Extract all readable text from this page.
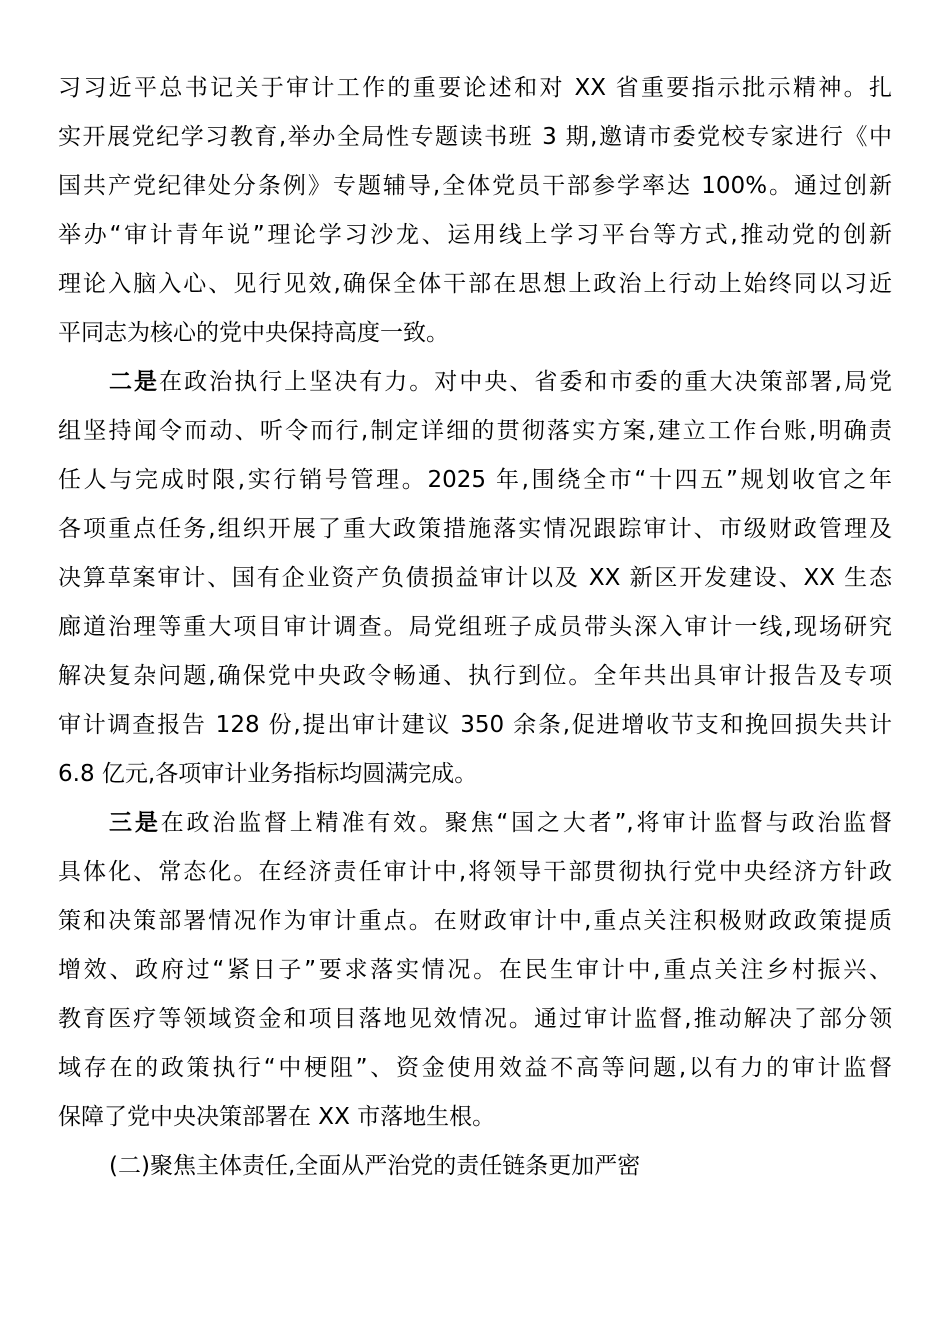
习习近平总书记关于审计工作的重要论述和对 XX 省重要指示批示精神。扎
实开展党纪学习教育,举办全局性专题读书班 3 期,邀请市委党校专家进行《中
国共产党纪律处分条例》专题辅导,全体党员干部参学率达 100%。通过创新
举办“审计青年说”理论学习沙龙、运用线上学习平台等方式,推动党的创新
理论入脑入心、见行见效,确保全体干部在思想上政治上行动上始终同以习近
平同志为核心的党中央保持高度一致。
二是在政治执行上坚决有力。对中央、省委和市委的重大决策部署,局党
组坚持闻令而动、听令而行,制定详细的贯彻落实方案,建立工作台账,明确责
任人与完成时限,实行销号管理。2025 年,围绕全市“十四五”规划收官之年
各项重点任务,组织开展了重大政策措施落实情况跟踪审计、市级财政管理及
决算草案审计、国有企业资产负债损益审计以及 XX 新区开发建设、XX 生态
廊道治理等重大项目审计调查。局党组班子成员带头深入审计一线,现场研究
解决复杂问题,确保党中央政令畅通、执行到位。全年共出具审计报告及专项
审计调查报告 128 份,提出审计建议 350 余条,促进增收节支和挽回损失共计
6.8 亿元,各项审计业务指标均圆满完成。
三是在政治监督上精准有效。聚焦“国之大者”,将审计监督与政治监督
具体化、常态化。在经济责任审计中,将领导干部贯彻执行党中央经济方针政
策和决策部署情况作为审计重点。在财政审计中,重点关注积极财政政策提质
增效、政府过“紧日子”要求落实情况。在民生审计中,重点关注乡村振兴、
教育医疗等领域资金和项目落地见效情况。通过审计监督,推动解决了部分领
域存在的政策执行“中梗阻”、资金使用效益不高等问题,以有力的审计监督
保障了党中央决策部署在 XX 市落地生根。
(二)聚焦主体责任,全面从严治党的责任链条更加严密
